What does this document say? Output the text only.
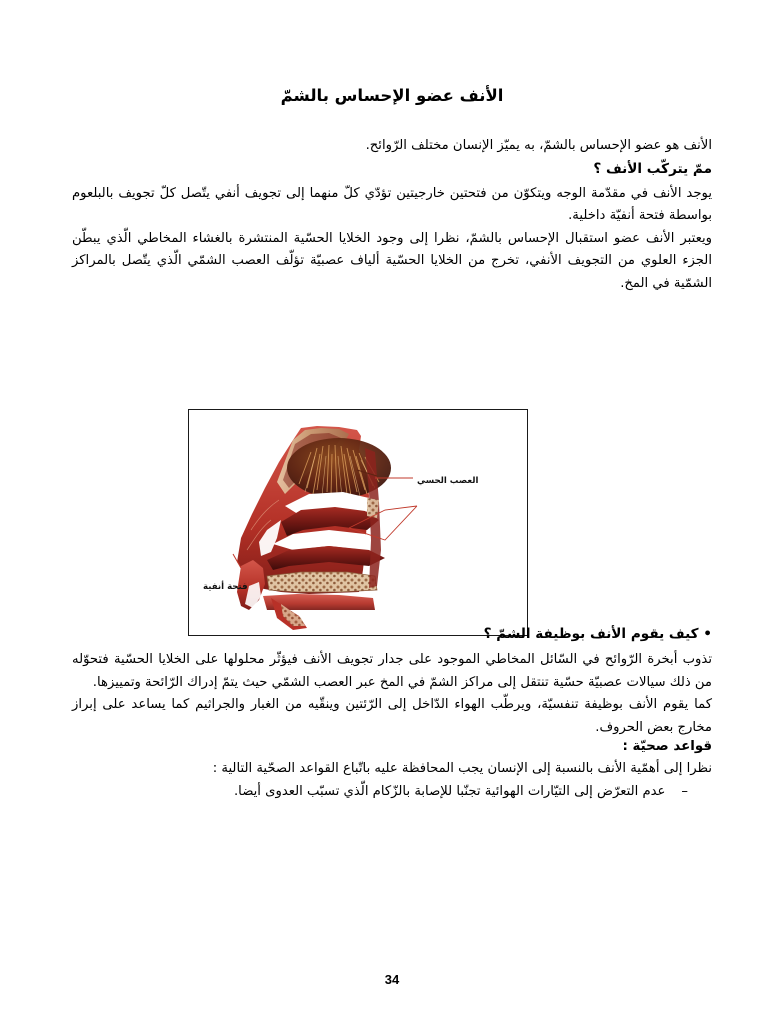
الأنف عضو الإحساس بالشمّ

الأنف هو عضو الإحساس بالشمّ، به يميّز الإنسان مختلف الرّوائح.

ممّ يتركّب الأنف ؟

يوجد الأنف في مقدّمة الوجه ويتكوّن من فتحتين خارجيتين تؤدّي كلّ منهما إلى تجويف أنفي يتّصل كلّ تجويف بالبلعوم بواسطة فتحة أنفيّة داخلية.

ويعتبر الأنف عضو استقبال الإحساس بالشمّ، نظرا إلى وجود الخلايا الحسّية المنتشرة بالغشاء المخاطي الّذي يبطّن الجزء العلوي من التجويف الأنفي، تخرج من الخلايا الحسّية ألياف عصبيّة تؤلّف العصب الشمّي الّذي يتّصل بالمراكز الشمّية في المخ.

العصب الحسي
فتحة أنفية
• كيف يقوم الأنف بوظيفة الشمّ ؟

تذوب أبخرة الرّوائح في السّائل المخاطي الموجود على جدار تجويف الأنف فيؤثّر محلولها على الخلايا الحسّية فتحوّله من ذلك سيالات عصبيّة حسّية تنتقل إلى مراكز الشمّ في المخ عبر العصب الشمّي حيث يتمّ إدراك الرّائحة وتمييزها.

كما يقوم الأنف بوظيفة تنفسيّة، ويرطّب الهواء الدّاخل إلى الرّئتين وينقّيه من الغبار والجراثيم كما يساعد على إبراز مخارج بعض الحروف.

قواعد صحيّة :

نظرا إلى أهمّية الأنف بالنسبة إلى الإنسان يجب المحافظة عليه باتّباع القواعد الصحّية التالية :

–
عدم التعرّض إلى التيّارات الهوائية تجنّبا للإصابة بالزّكام الّذي تسبّب العدوى أيضا.
34
